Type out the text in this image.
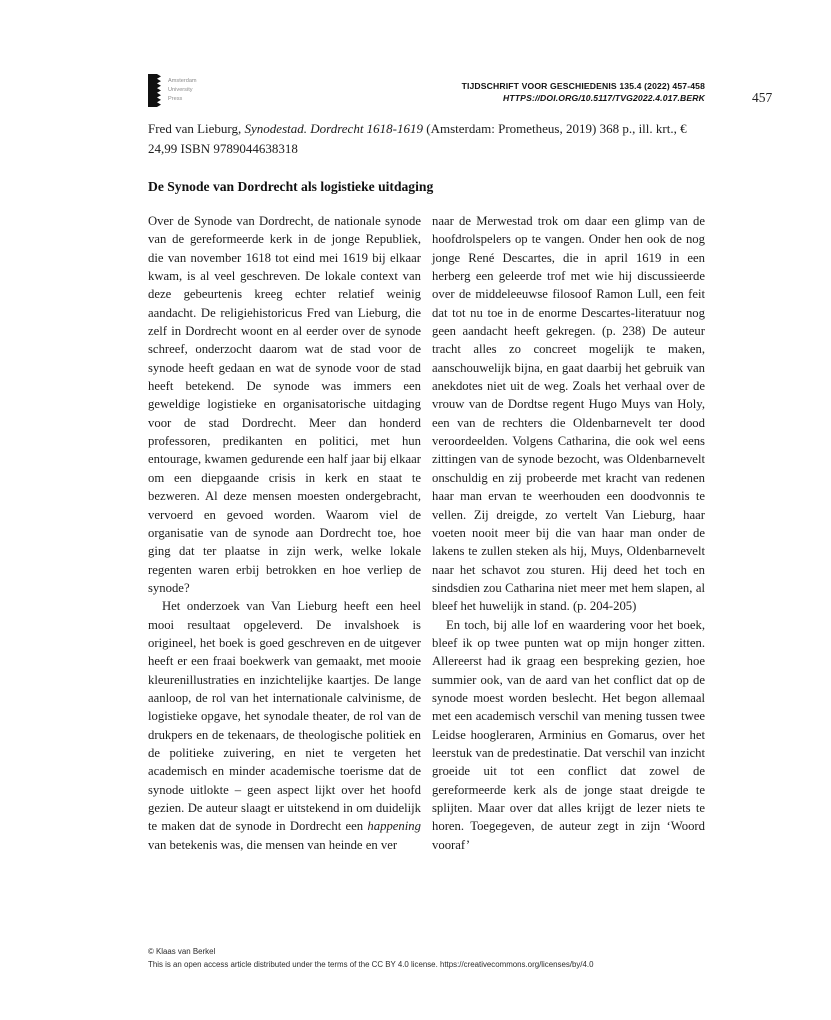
Amsterdam
University
Press
TIJDSCHRIFT VOOR GESCHIEDENIS 135.4 (2022) 457-458
HTTPS://DOI.ORG/10.5117/TVG2022.4.017.BERK	457
Fred van Lieburg, Synodestad. Dordrecht 1618-1619 (Amsterdam: Prometheus, 2019) 368 p., ill. krt., € 24,99 ISBN 9789044638318
De Synode van Dordrecht als logistieke uitdaging

Over de Synode van Dordrecht, de nationale synode van de gereformeerde kerk in de jonge Republiek, die van november 1618 tot eind mei 1619 bij elkaar kwam, is al veel geschreven. De lokale context van deze gebeurtenis kreeg echter relatief weinig aandacht. De religiehistoricus Fred van Lieburg, die zelf in Dordrecht woont en al eerder over de synode schreef, onderzocht daarom wat de stad voor de synode heeft gedaan en wat de synode voor de stad heeft betekend. De synode was immers een geweldige logistieke en organisatorische uitdaging voor de stad Dordrecht. Meer dan honderd professoren, predikanten en politici, met hun entourage, kwamen gedurende een half jaar bij elkaar om een diepgaande crisis in kerk en staat te bezweren. Al deze mensen moesten ondergebracht, vervoerd en gevoed worden. Waarom viel de organisatie van de synode aan Dordrecht toe, hoe ging dat ter plaatse in zijn werk, welke lokale regenten waren erbij betrokken en hoe verliep de synode?

Het onderzoek van Van Lieburg heeft een heel mooi resultaat opgeleverd. De invalshoek is origineel, het boek is goed geschreven en de uitgever heeft er een fraai boekwerk van gemaakt, met mooie kleurenillustraties en inzichtelijke kaartjes. De lange aanloop, de rol van het internationale calvinisme, de logistieke opgave, het synodale theater, de rol van de drukpers en de tekenaars, de theologische politiek en de politieke zuivering, en niet te vergeten het academisch en minder academische toerisme dat de synode uitlokte – geen aspect lijkt over het hoofd gezien. De auteur slaagt er uitstekend in om duidelijk te maken dat de synode in Dordrecht een happening van betekenis was, die mensen van heinde en ver

naar de Merwestad trok om daar een glimp van de hoofdrolspelers op te vangen. Onder hen ook de nog jonge René Descartes, die in april 1619 in een herberg een geleerde trof met wie hij discussieerde over de middeleeuwse filosoof Ramon Lull, een feit dat tot nu toe in de enorme Descartes-literatuur nog geen aandacht heeft gekregen. (p. 238) De auteur tracht alles zo concreet mogelijk te maken, aanschouwelijk bijna, en gaat daarbij het gebruik van anekdotes niet uit de weg. Zoals het verhaal over de vrouw van de Dordtse regent Hugo Muys van Holy, een van de rechters die Oldenbarnevelt ter dood veroordeelden. Volgens Catharina, die ook wel eens zittingen van de synode bezocht, was Oldenbarnevelt onschuldig en zij probeerde met kracht van redenen haar man ervan te weerhouden een doodvonnis te vellen. Zij dreigde, zo vertelt Van Lieburg, haar voeten nooit meer bij die van haar man onder de lakens te zullen steken als hij, Muys, Oldenbarnevelt naar het schavot zou sturen. Hij deed het toch en sindsdien zou Catharina niet meer met hem slapen, al bleef het huwelijk in stand. (p. 204-205)

En toch, bij alle lof en waardering voor het boek, bleef ik op twee punten wat op mijn honger zitten. Allereerst had ik graag een bespreking gezien, hoe summier ook, van de aard van het conflict dat op de synode moest worden beslecht. Het begon allemaal met een academisch verschil van mening tussen twee Leidse hoogleraren, Arminius en Gomarus, over het leerstuk van de predestinatie. Dat verschil van inzicht groeide uit tot een conflict dat zowel de gereformeerde kerk als de jonge staat dreigde te splijten. Maar over dat alles krijgt de lezer niets te horen. Toegegeven, de auteur zegt in zijn ‘Woord vooraf’

© Klaas van Berkel
This is an open access article distributed under the terms of the CC BY 4.0 license. https://creativecommons.org/licenses/by/4.0
